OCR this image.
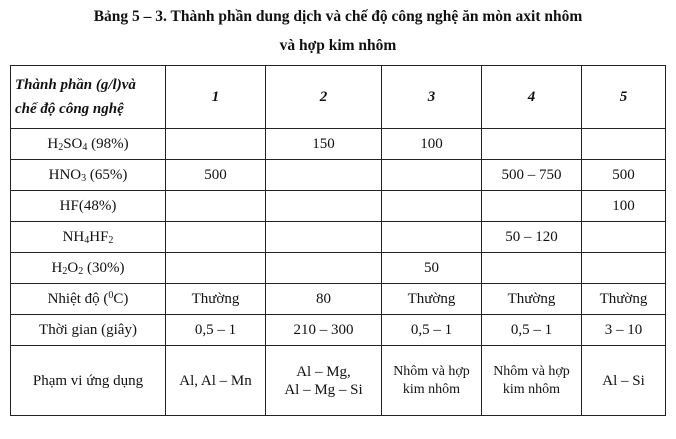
Bảng 5 – 3. Thành phần dung dịch và chế độ công nghệ ăn mòn axit nhôm
và hợp kim nhôm
Thành phần (g/l)và
chế độ công nghệ	1	2	3	4	5
$H_2SO_4$ (98%)		150	100		
$HNO_3$ (65%)	500			500 – 750	500
HF(48%)					100
$NH_4HF_2$				50 – 120	
$H_2O_2$ (30%)			50		
Nhiệt độ ($^0$C)	Thường	80	Thường	Thường	Thường
Thời gian (giây)	0,5 – 1	210 – 300	0,5 – 1	0,5 – 1	3 – 10
Phạm vi ứng dụng	Al, Al – Mn	Al – Mg,
Al – Mg – Si	Nhôm và hợp
kim nhôm	Nhôm và hợp
kim nhôm	Al – Si
